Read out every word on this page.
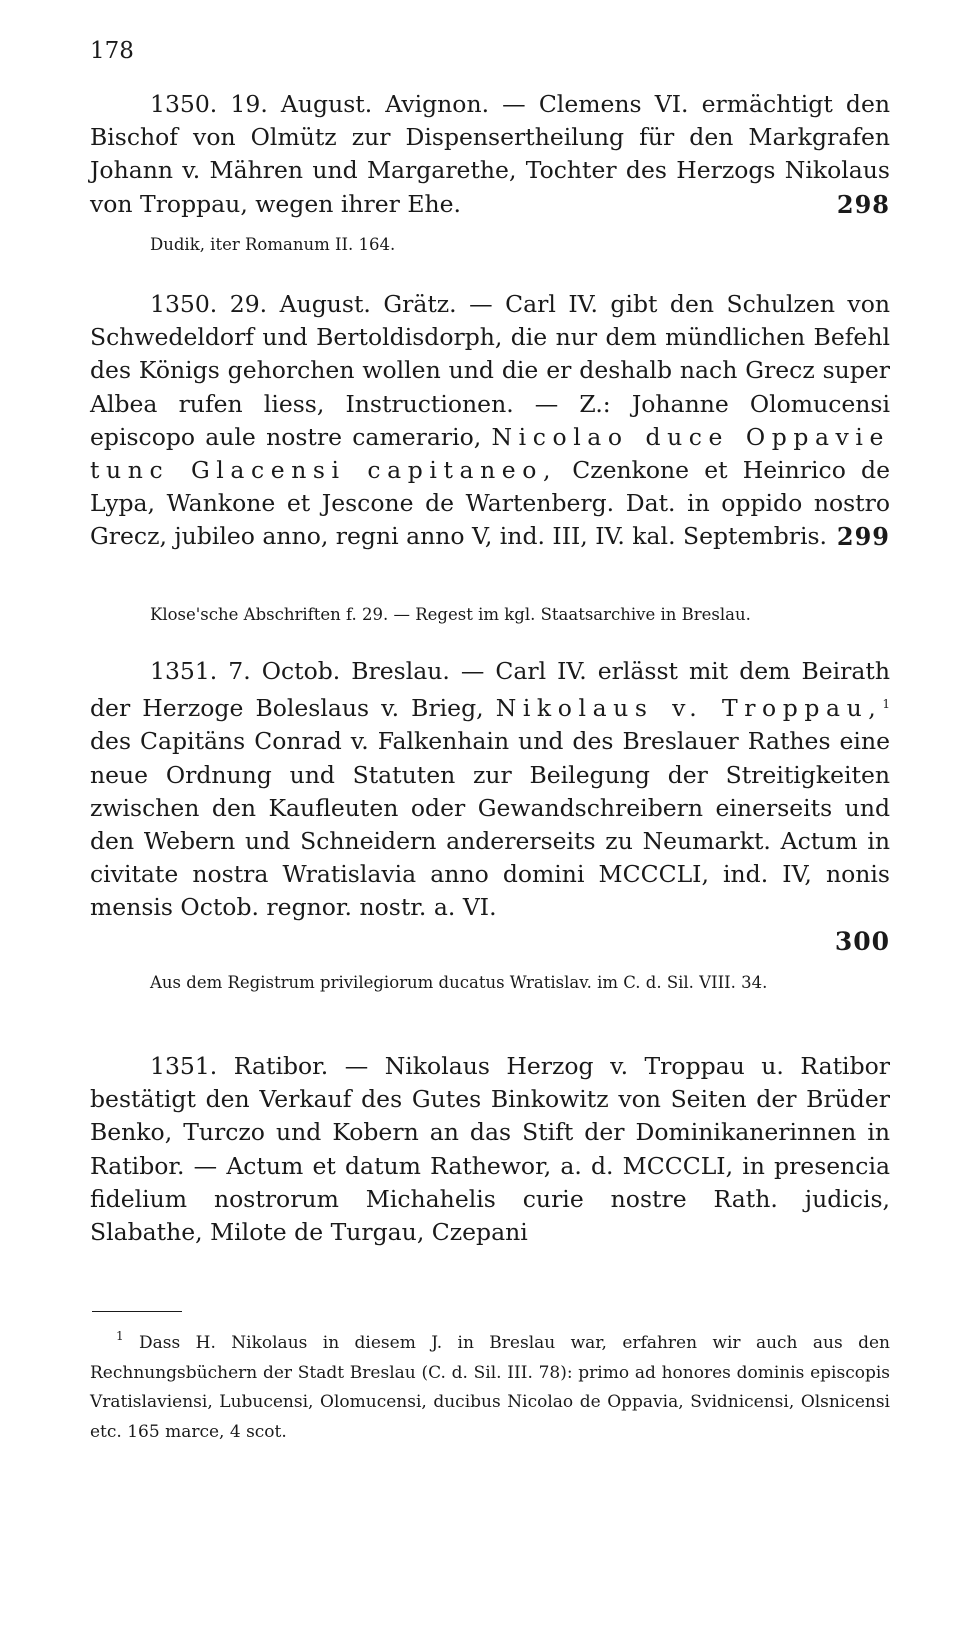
178
1350. 19. August. Avignon. — Clemens VI. ermächtigt den Bischof von Olmütz zur Dispensertheilung für den Markgrafen Johann v. Mähren und Margarethe, Tochter des Herzogs Nikolaus von Troppau, wegen ihrer Ehe.	298
Dudik, iter Romanum II. 164.
1350. 29. August. Grätz. — Carl IV. gibt den Schulzen von Schwedeldorf und Bertoldisdorph, die nur dem mündlichen Befehl des Königs gehorchen wollen und die er deshalb nach Grecz super Albea rufen liess, Instructionen. — Z.: Johanne Olomucensi episcopo aule nostre camerario, Nicolao duce Oppavie tunc Glacensi capitaneo, Czenkone et Heinrico de Lypa, Wankone et Jescone de Wartenberg. Dat. in oppido nostro Grecz, jubileo anno, regni anno V, ind. III, IV. kal. Septembris. 299
Klose'sche Abschriften f. 29. — Regest im kgl. Staatsarchive in Breslau.
1351. 7. Octob. Breslau. — Carl IV. erlässt mit dem Beirath der Herzoge Boleslaus v. Brieg, Nikolaus v. Troppau,$^1$ des Capitäns Conrad v. Falkenhain und des Breslauer Rathes eine neue Ordnung und Statuten zur Beilegung der Streitigkeiten zwischen den Kaufleuten oder Gewandschreibern einerseits und den Webern und Schneidern andererseits zu Neumarkt. Actum in civitate nostra Wratislavia anno domini MCCCLI, ind. IV, nonis mensis Octob. regnor. nostr. a. VI.
300
Aus dem Registrum privilegiorum ducatus Wratislav. im C. d. Sil. VIII. 34.
1351. Ratibor. — Nikolaus Herzog v. Troppau u. Ratibor bestätigt den Verkauf des Gutes Binkowitz von Seiten der Brüder Benko, Turczo und Kobern an das Stift der Dominikanerinnen in Ratibor. — Actum et datum Rathewor, a. d. MCCCLI, in presencia fidelium nostrorum Michahelis curie nostre Rath. judicis, Slabathe, Milote de Turgau, Czepani
$^1$ Dass H. Nikolaus in diesem J. in Breslau war, erfahren wir auch aus den Rechnungsbüchern der Stadt Breslau (C. d. Sil. III. 78): primo ad honores dominis episcopis Vratislaviensi, Lubucensi, Olomucensi, ducibus Nicolao de Oppavia, Svidnicensi, Olsnicensi etc. 165 marce, 4 scot.
